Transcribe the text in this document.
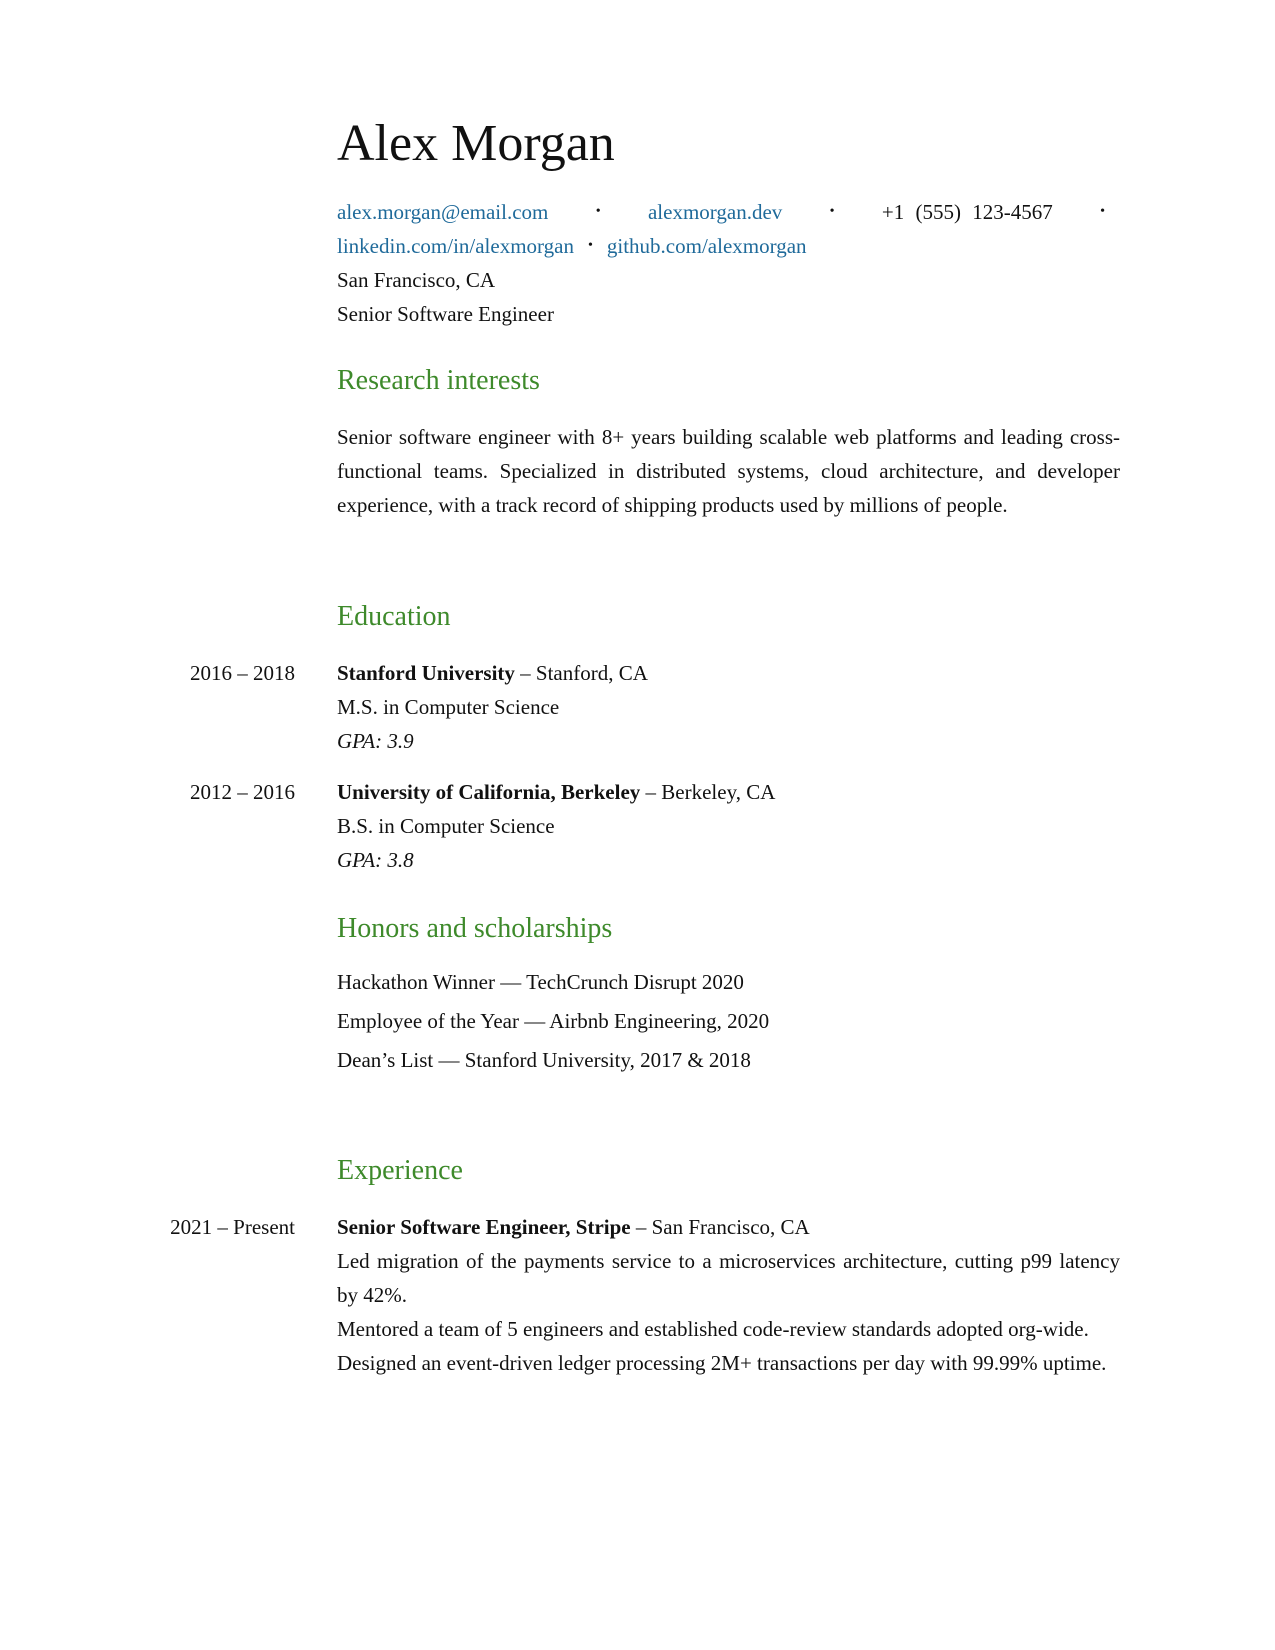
Alex Morgan
alex.morgan@email.com	• alexmorgan.dev	• +1 (555) 123-4567	•
linkedin.com/in/alexmorgan	• github.com/alexmorgan
San Francisco, CA
Senior Software Engineer
Research interests
Senior software engineer with 8+ years building scalable web platforms and leading cross-functional teams. Specialized in distributed systems, cloud architecture, and developer experience, with a track record of shipping products used by millions of people.
Education
2016 – 2018 Stanford University – Stanford, CA
M.S. in Computer Science
GPA: 3.9
2012 – 2016 University of California, Berkeley – Berkeley, CA
B.S. in Computer Science
GPA: 3.8
Honors and scholarships
Hackathon Winner — TechCrunch Disrupt 2020
Employee of the Year — Airbnb Engineering, 2020
Dean’s List — Stanford University, 2017 & 2018
Experience
2021 – Present Senior Software Engineer, Stripe – San Francisco, CA
Led migration of the payments service to a microservices architecture, cutting p99 latency by 42%.
Mentored a team of 5 engineers and established code-review standards adopted org-wide.
Designed an event-driven ledger processing 2M+ transactions per day with 99.99% uptime.
